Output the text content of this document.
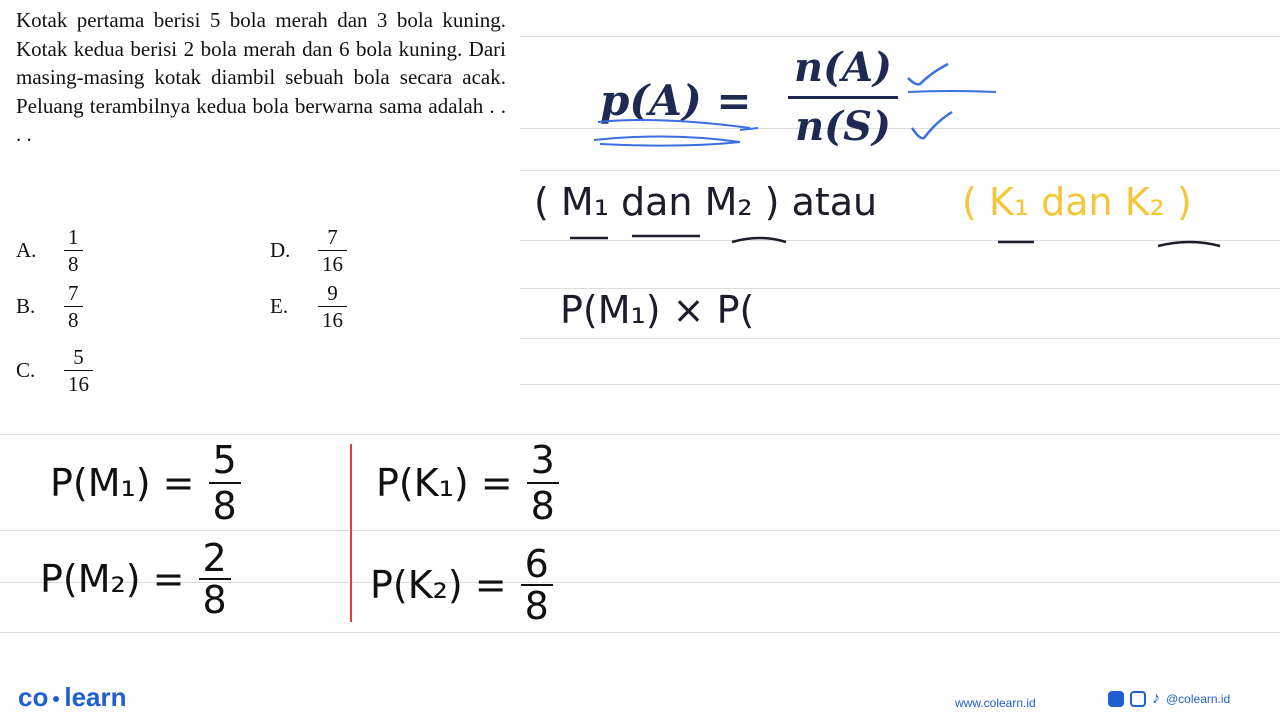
Kotak pertama berisi 5 bola merah dan 3 bola kuning. Kotak kedua berisi 2 bola merah dan 6 bola kuning. Dari masing-masing kotak diambil sebuah bola secara acak. Peluang terambilnya kedua bola berwarna sama adalah . . . .
A.	$\frac{1}{8}$
B.	$\frac{7}{8}$
C.	$\frac{5}{16}$
D.	$\frac{7}{16}$
E.	$\frac{9}{16}$
p(A) =
n(A)
n(S)
( M₁ dan M₂ ) atau ( K₁ dan K₂ )
P(M₁) × P(
$P(M_1) = \frac{5}{8}$
$P(M_2) = \frac{2}{8}$
$P(K_1) = \frac{3}{8}$
$P(K_2) = \frac{6}{8}$
co learn	www.colearn.id	♪ @colearn.id
